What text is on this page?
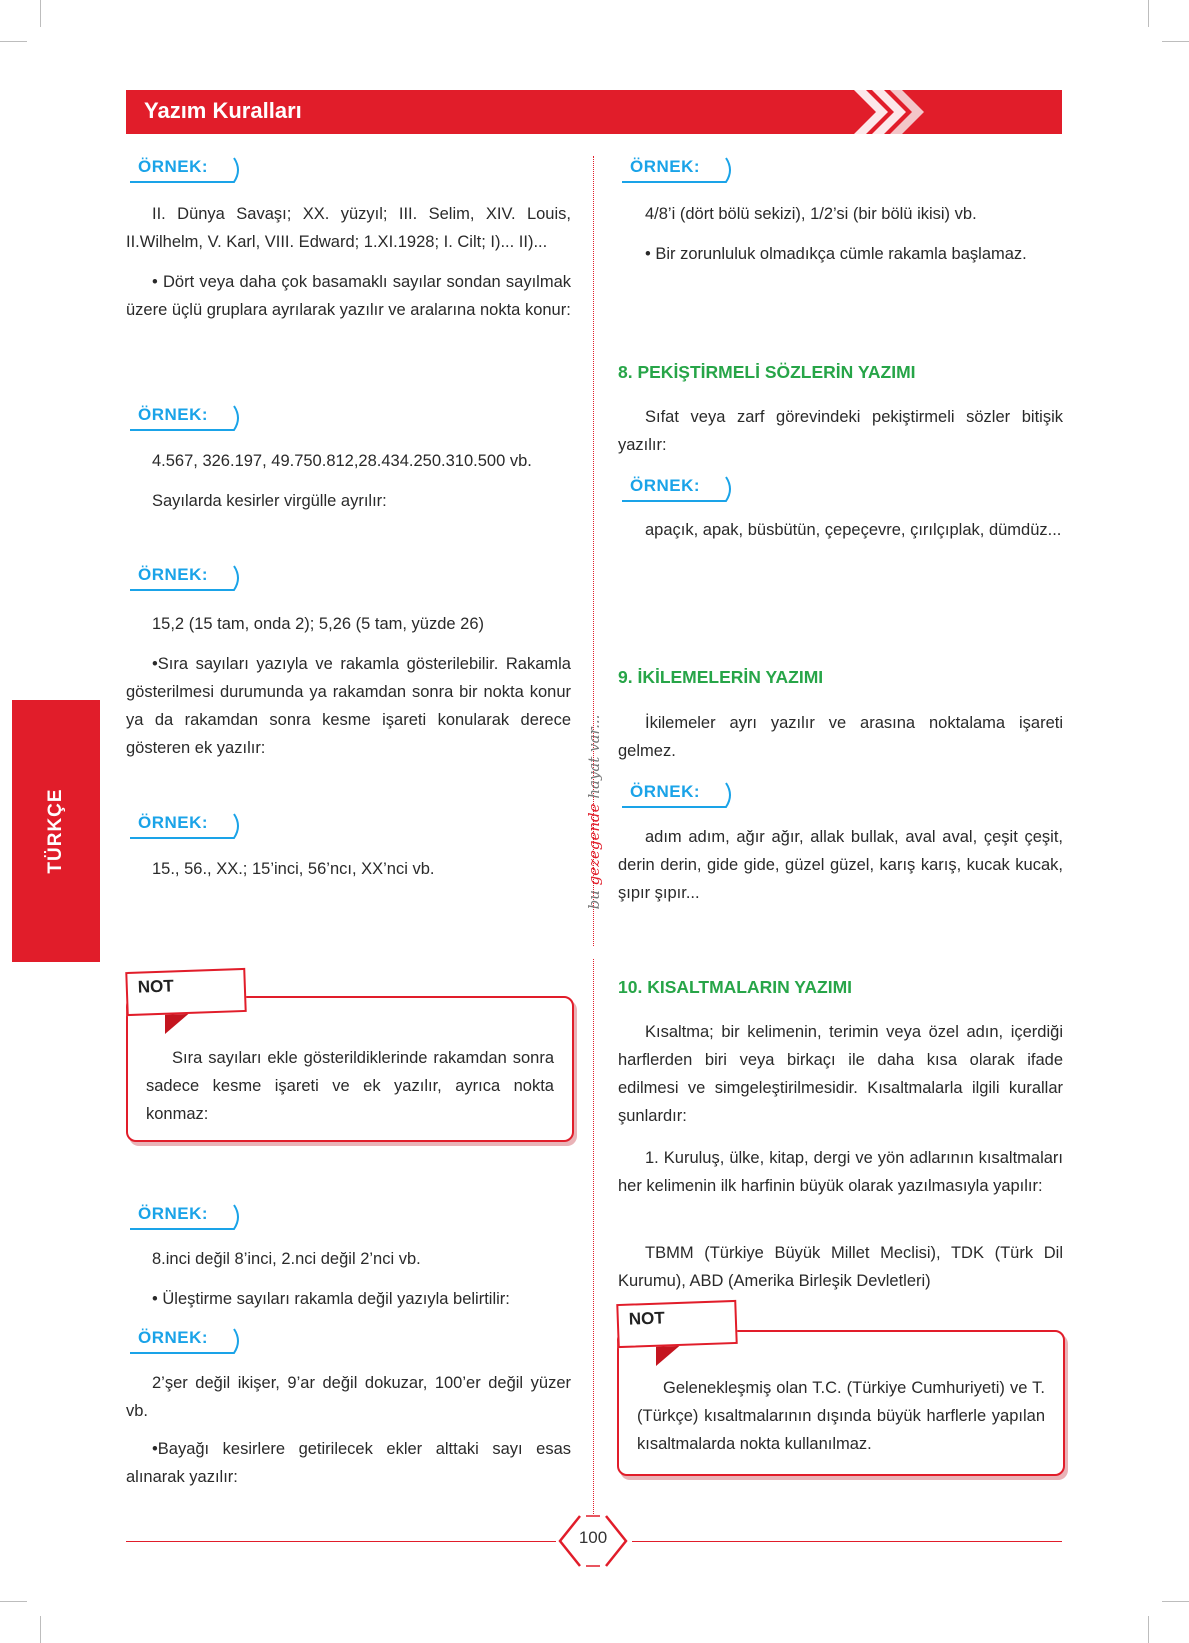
Yazım Kuralları
TÜRKÇE
bu gezegende hayat var...
ÖRNEK:
II. Dünya Savaşı; XX. yüzyıl; III. Selim, XIV. Louis, II.Wilhelm, V. Karl, VIII. Edward; 1.XI.1928; I. Cilt; I)... II)...
• Dört veya daha çok basamaklı sayılar sondan sayılmak üzere üçlü gruplara ayrılarak yazılır ve aralarına nokta konur:
ÖRNEK:
4.567, 326.197, 49.750.812,28.434.250.310.500 vb.
Sayılarda kesirler virgülle ayrılır:
ÖRNEK:
15,2 (15 tam, onda 2); 5,26 (5 tam, yüzde 26)
•Sıra sayıları yazıyla ve rakamla gösterilebilir. Rakamla gösterilmesi durumunda ya rakamdan sonra bir nokta konur ya da rakamdan sonra kesme işareti konularak derece gösteren ek yazılır:
ÖRNEK:
15., 56., XX.; 15’inci, 56’ncı, XX’nci vb.
Sıra sayıları ekle gösterildiklerinde rakamdan sonra sadece kesme işareti ve ek yazılır, ayrıca nokta konmaz:
NOT
ÖRNEK:
8.inci değil 8’inci, 2.nci değil 2’nci vb.
• Üleştirme sayıları rakamla değil yazıyla belirtilir:
ÖRNEK:
2’şer değil ikişer, 9’ar değil dokuzar, 100’er değil yüzer vb.
•Bayağı kesirlere getirilecek ekler alttaki sayı esas alınarak yazılır:
ÖRNEK:
4/8’i (dört bölü sekizi), 1/2’si (bir bölü ikisi) vb.
• Bir zorunluluk olmadıkça cümle rakamla başlamaz.
8. PEKİŞTİRMELİ SÖZLERİN YAZIMI
Sıfat veya zarf görevindeki pekiştirmeli sözler bitişik yazılır:
ÖRNEK:
apaçık, apak, büsbütün, çepeçevre, çırılçıplak, dümdüz...
9. İKİLEMELERİN YAZIMI
İkilemeler ayrı yazılır ve arasına noktalama işareti gelmez.
ÖRNEK:
adım adım, ağır ağır, allak bullak, aval aval, çeşit çeşit, derin derin, gide gide, güzel güzel, karış karış, kucak kucak, şıpır şıpır...
10. KISALTMALARIN YAZIMI
Kısaltma; bir kelimenin, terimin veya özel adın, içerdiği harflerden biri veya birkaçı ile daha kısa olarak ifade edilmesi ve simgeleştirilmesidir. Kısaltmalarla ilgili kurallar şunlardır:
1. Kuruluş, ülke, kitap, dergi ve yön adlarının kısaltmaları her kelimenin ilk harfinin büyük olarak yazılmasıyla yapılır:
TBMM (Türkiye Büyük Millet Meclisi), TDK (Türk Dil Kurumu), ABD (Amerika Birleşik Devletleri)
Gelenekleşmiş olan T.C. (Türkiye Cumhuriyeti) ve T. (Türkçe) kısaltmalarının dışında büyük harflerle yapılan kısaltmalarda nokta kullanılmaz.
NOT
100
